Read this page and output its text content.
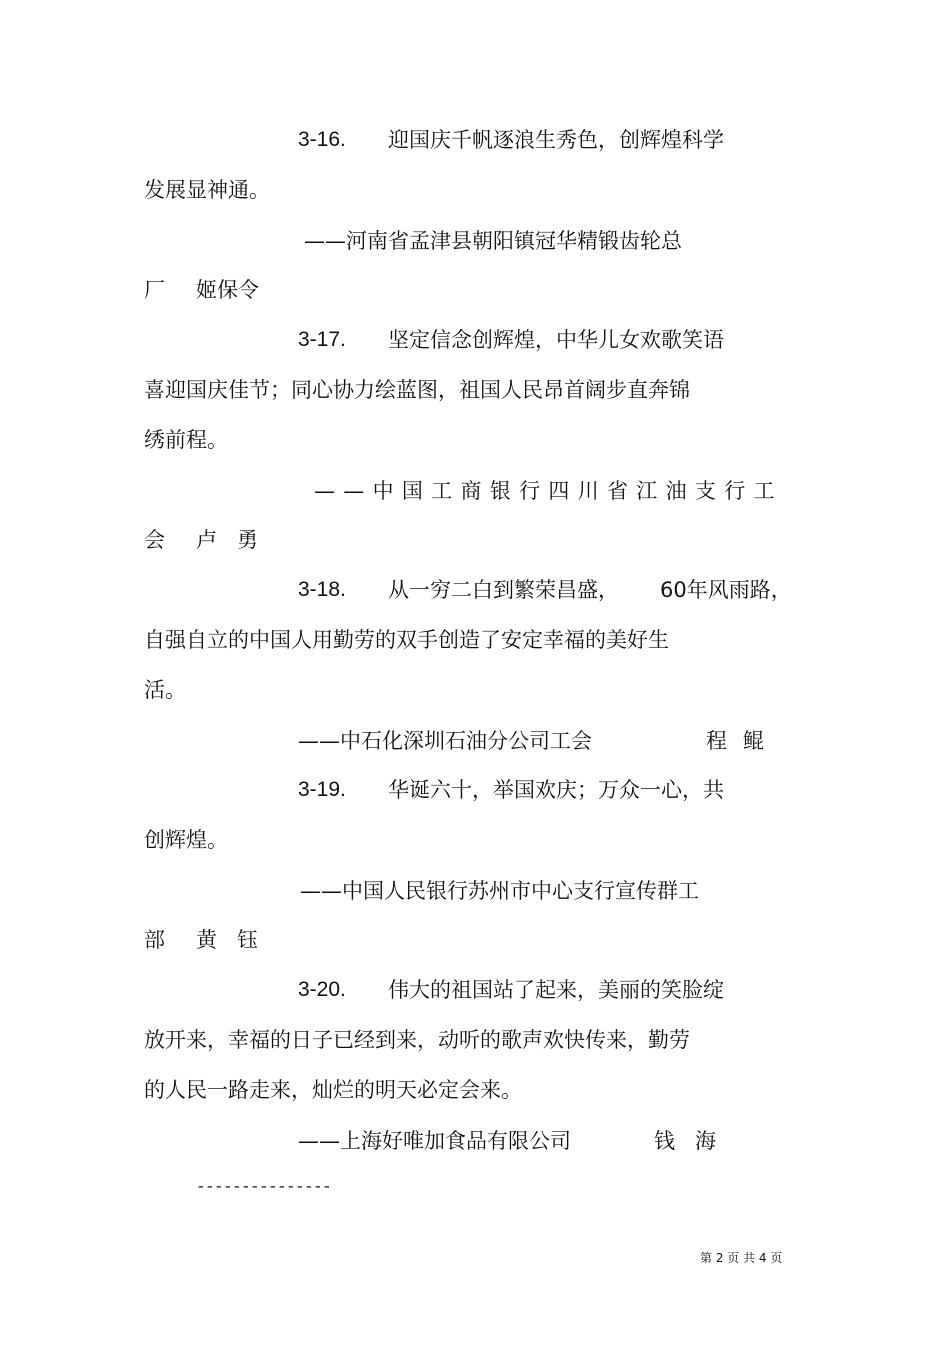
3-16. 迎国庆千帆逐浪生秀色，创辉煌科学
发展显神通。
——河南省孟津县朝阳镇冠华精锻齿轮总
厂 姬保令
3-17. 坚定信念创辉煌，中华儿女欢歌笑语
喜迎国庆佳节；同心协力绘蓝图，祖国人民昂首阔步直奔锦
绣前程。
——中国工商银行四川省江油支行工
会 卢勇
3-18. 从一穷二白到繁荣昌盛， 60年风雨路，
自强自立的中国人用勤劳的双手创造了安定幸福的美好生
活。
——中石化深圳石油分公司工会	程鲲
3-19. 华诞六十，举国欢庆；万众一心，共
创辉煌。
——中国人民银行苏州市中心支行宣传群工
部 黄钰
3-20. 伟大的祖国站了起来，美丽的笑脸绽
放开来，幸福的日子已经到来，动听的歌声欢快传来，勤劳
的人民一路走来，灿烂的明天必定会来。
——上海好唯加食品有限公司	钱海
---------------
第 2 页 共 4 页
